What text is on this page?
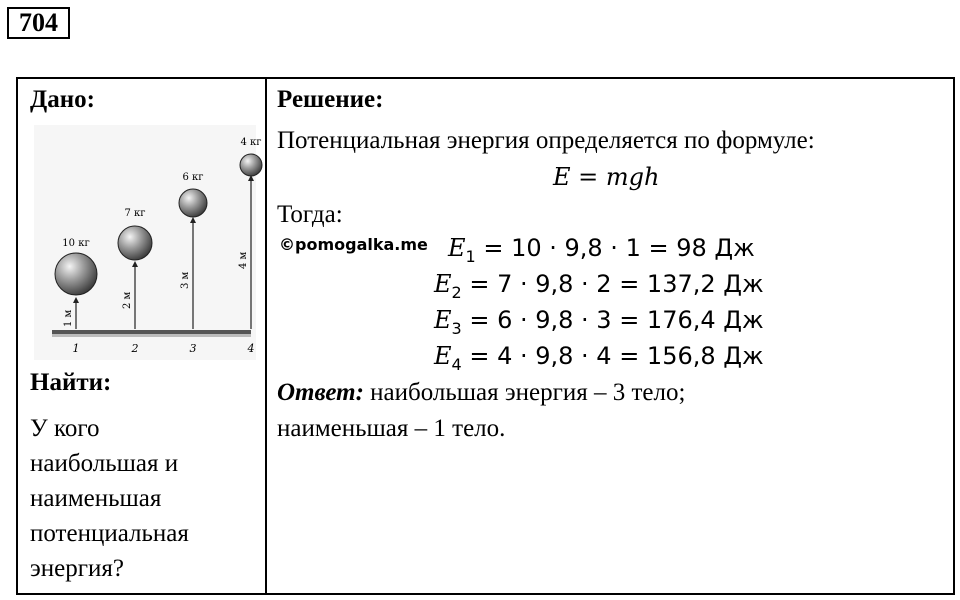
704
Дано:
10 кг
1 м
1
7 кг
2 м
2
6 кг
3 м
3
4 кг
4 м
4
Найти:
У кого
наибольшая и
наименьшая
потенциальная
энергия?
Решение:
Потенциальная энергия определяется по формуле:
E = mgh
Тогда:
©pomogalka.me $E_1 = 10 \cdot 9,8 \cdot 1 = 98$ Дж
$E_2 = 7 \cdot 9,8 \cdot 2 = 137,2$ Дж
$E_3 = 6 \cdot 9,8 \cdot 3 = 176,4$ Дж
$E_4 = 4 \cdot 9,8 \cdot 4 = 156,8$ Дж
Ответ: наибольшая энергия – 3 тело;
наименьшая – 1 тело.
